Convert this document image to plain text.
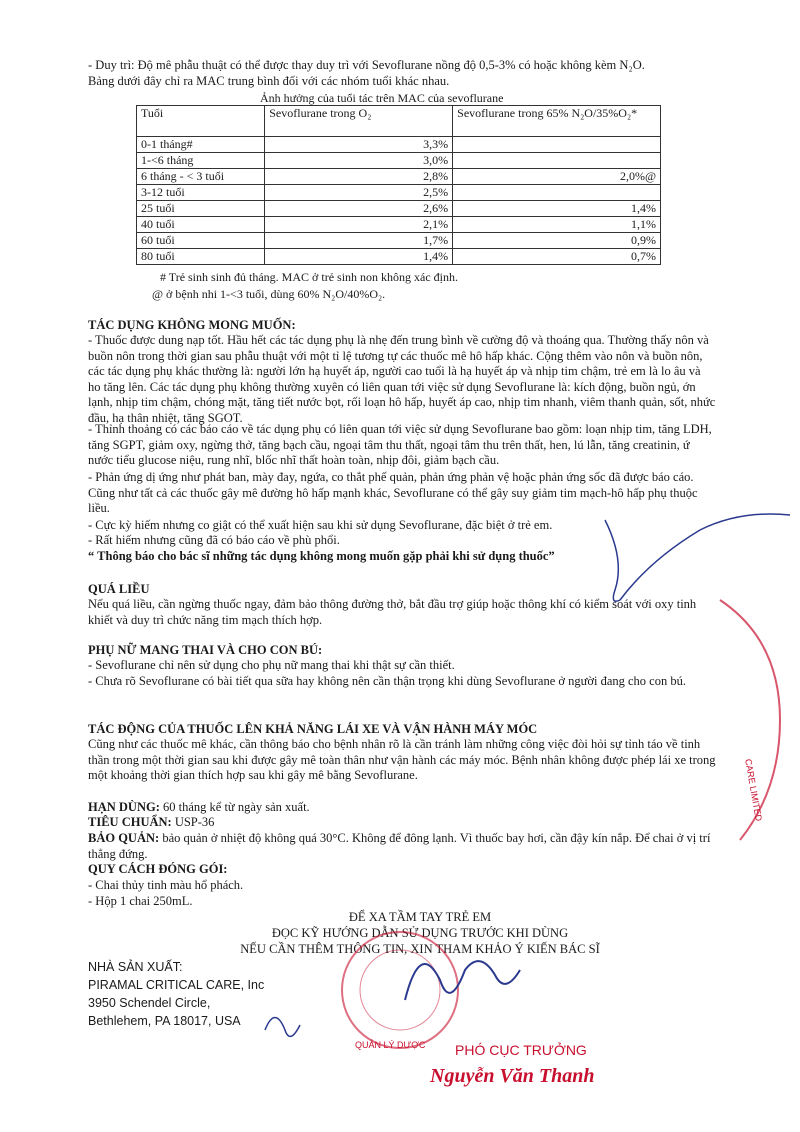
- Duy trì: Độ mê phẫu thuật có thể được thay duy trì với Sevoflurane nồng độ 0,5-3% có hoặc không kèm N₂O.

Bảng dưới đây chỉ ra MAC trung bình đối với các nhóm tuổi khác nhau.

Ảnh hưởng của tuổi tác trên MAC của sevoflurane
Tuổi	Sevoflurane trong O₂	Sevoflurane trong 65% N₂O/35%O₂*
0-1 tháng#	3,3%	
1-<6 tháng	3,0%	
6 tháng - < 3 tuổi	2,8%	2,0%@
3-12 tuổi	2,5%	
25 tuổi	2,6%	1,4%
40 tuổi	2,1%	1,1%
60 tuổi	1,7%	0,9%
80 tuổi	1,4%	0,7%
# Trẻ sinh sinh đủ tháng. MAC ở trẻ sinh non không xác định.
@ ở bệnh nhi 1-<3 tuổi, dùng 60% N₂O/40%O₂.

TÁC DỤNG KHÔNG MONG MUỐN:

- Thuốc được dung nạp tốt. Hầu hết các tác dụng phụ là nhẹ đến trung bình về cường độ và thoáng qua. Thường thấy nôn và buồn nôn trong thời gian sau phẫu thuật với một tỉ lệ tương tự các thuốc mê hô hấp khác. Cộng thêm vào nôn và buồn nôn, các tác dụng phụ khác thường là: người lớn hạ huyết áp, người cao tuổi là hạ huyết áp và nhịp tim chậm, trẻ em là lo âu và ho tăng lên. Các tác dụng phụ không thường xuyên có liên quan tới việc sử dụng Sevoflurane là: kích động, buồn ngủ, ớn lạnh, nhịp tim chậm, chóng mặt, tăng tiết nước bọt, rối loạn hô hấp, huyết áp cao, nhịp tim nhanh, viêm thanh quản, sốt, nhức đầu, hạ thân nhiệt, tăng SGOT.

- Thỉnh thoảng có các báo cáo về tác dụng phụ có liên quan tới việc sử dụng Sevoflurane bao gồm: loạn nhịp tim, tăng LDH, tăng SGPT, giảm oxy, ngừng thở, tăng bạch cầu, ngoại tâm thu thất, ngoại tâm thu trên thất, hen, lú lẫn, tăng creatinin, ứ nước tiểu glucose niệu, rung nhĩ, blốc nhĩ thất hoàn toàn, nhịp đôi, giảm bạch cầu.

- Phản ứng dị ứng như phát ban, mày đay, ngứa, co thắt phế quản, phản ứng phản vệ hoặc phản ứng sốc đã được báo cáo. Cũng như tất cả các thuốc gây mê đường hô hấp mạnh khác, Sevoflurane có thể gây suy giảm tim mạch-hô hấp phụ thuộc liều.

- Cực kỳ hiếm nhưng co giật có thể xuất hiện sau khi sử dụng Sevoflurane, đặc biệt ở trẻ em.

- Rất hiếm nhưng cũng đã có báo cáo về phù phổi.

“ Thông báo cho bác sĩ những tác dụng không mong muốn gặp phải khi sử dụng thuốc”

QUÁ LIỀU

Nếu quá liều, cần ngừng thuốc ngay, đảm bảo thông đường thở, bắt đầu trợ giúp hoặc thông khí có kiểm soát với oxy tinh khiết và duy trì chức năng tim mạch thích hợp.

PHỤ NỮ MANG THAI VÀ CHO CON BÚ:

- Sevoflurane chỉ nên sử dụng cho phụ nữ mang thai khi thật sự cần thiết.

- Chưa rõ Sevoflurane có bài tiết qua sữa hay không nên cần thận trọng khi dùng Sevoflurane ở người đang cho con bú.

TÁC ĐỘNG CỦA THUỐC LÊN KHẢ NĂNG LÁI XE VÀ VẬN HÀNH MÁY MÓC

Cũng như các thuốc mê khác, cần thông báo cho bệnh nhân rõ là cần tránh làm những công việc đòi hỏi sự tỉnh táo về tinh thần trong một thời gian sau khi được gây mê toàn thân như vận hành các máy móc. Bệnh nhân không được phép lái xe trong một khoảng thời gian thích hợp sau khi gây mê bằng Sevoflurane.

HẠN DÙNG: 60 tháng kể từ ngày sản xuất.

TIÊU CHUẨN: USP-36

BẢO QUẢN: bảo quản ở nhiệt độ không quá 30°C. Không để đông lạnh. Vì thuốc bay hơi, cần đậy kín nắp. Để chai ở vị trí thẳng đứng.

QUY CÁCH ĐÓNG GÓI:

- Chai thủy tinh màu hổ phách.

- Hộp 1 chai 250mL.

ĐỂ XA TẦM TAY TRẺ EM
ĐỌC KỸ HƯỚNG DẪN SỬ DỤNG TRƯỚC KHI DÙNG
NẾU CẦN THÊM THÔNG TIN, XIN THAM KHẢO Ý KIẾN BÁC SĨ
NHÀ SẢN XUẤT:
PIRAMAL CRITICAL CARE, Inc
3950 Schendel Circle,
Bethlehem, PA 18017, USA
CARE LIMITED
QUẢN LÝ DƯỢC PHÓ CỤC TRƯỞNG
Nguyễn Văn Thanh
